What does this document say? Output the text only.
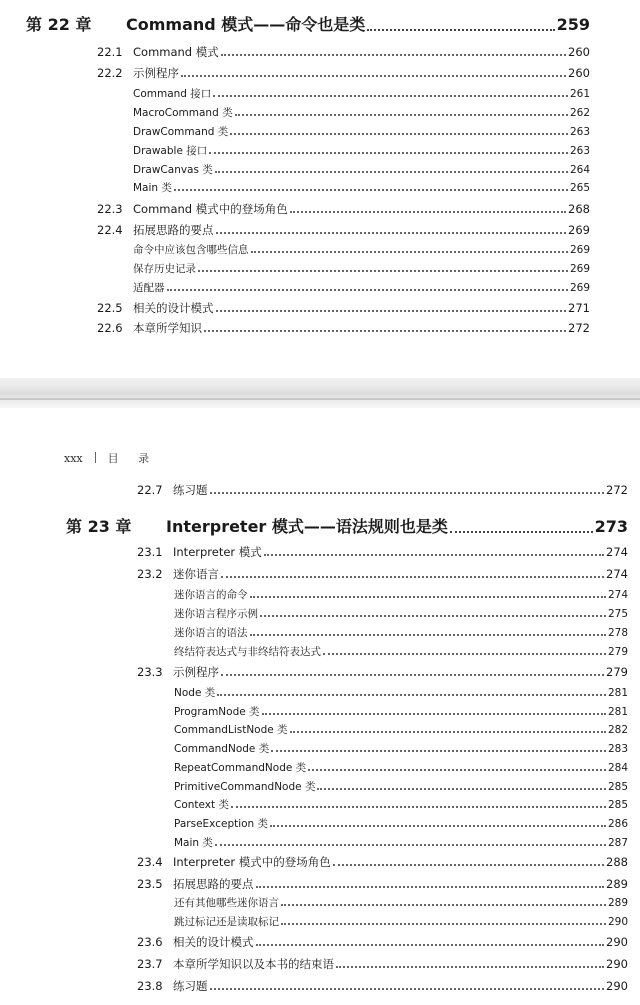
第 22 章	Command 模式——命令也是类	259
22.1 Command 模式	260
22.2 示例程序	260
Command 接口	261
MacroCommand 类	262
DrawCommand 类	263
Drawable 接口	263
DrawCanvas 类	264
Main 类	265
22.3 Command 模式中的登场角色	268
22.4 拓展思路的要点	269
命令中应该包含哪些信息	269
保存历史记录	269
适配器	269
22.5 相关的设计模式	271
22.6 本章所学知识	272
xxx 目 录
22.7 练习题	272
第 23 章	Interpreter 模式——语法规则也是类	273
23.1 Interpreter 模式	274
23.2 迷你语言	274
迷你语言的命令	274
迷你语言程序示例	275
迷你语言的语法	278
终结符表达式与非终结符表达式	279
23.3 示例程序	279
Node 类	281
ProgramNode 类	281
CommandListNode 类	282
CommandNode 类	283
RepeatCommandNode 类	284
PrimitiveCommandNode 类	285
Context 类	285
ParseException 类	286
Main 类	287
23.4 Interpreter 模式中的登场角色	288
23.5 拓展思路的要点	289
还有其他哪些迷你语言	289
跳过标记还是读取标记	290
23.6 相关的设计模式	290
23.7 本章所学知识以及本书的结束语	290
23.8 练习题	290
